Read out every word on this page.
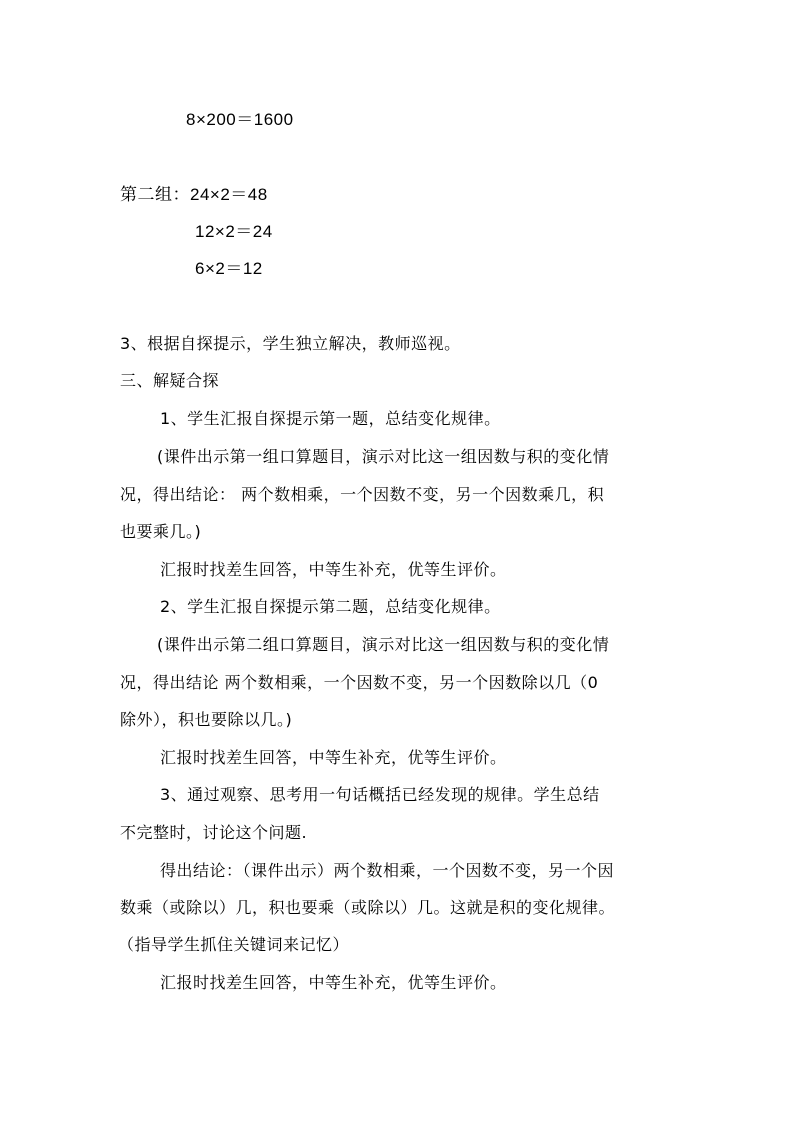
8×200＝1600
第二组：24×2＝48
12×2＝24
6×2＝12
3、根据自探提示，学生独立解决，教师巡视。
三、解疑合探
1、学生汇报自探提示第一题，总结变化规律。
(课件出示第一组口算题目，演示对比这一组因数与积的变化情
况，得出结论： 两个数相乘，一个因数不变，另一个因数乘几，积
也要乘几。)
汇报时找差生回答，中等生补充，优等生评价。
2、学生汇报自探提示第二题，总结变化规律。
(课件出示第二组口算题目，演示对比这一组因数与积的变化情
况，得出结论 两个数相乘，一个因数不变，另一个因数除以几（0
除外），积也要除以几。)
汇报时找差生回答，中等生补充，优等生评价。
3、通过观察、思考用一句话概括已经发现的规律。学生总结
不完整时，讨论这个问题.
得出结论：（课件出示）两个数相乘，一个因数不变，另一个因
数乘（或除以）几，积也要乘（或除以）几。这就是积的变化规律。
（指导学生抓住关键词来记忆）
汇报时找差生回答，中等生补充，优等生评价。
